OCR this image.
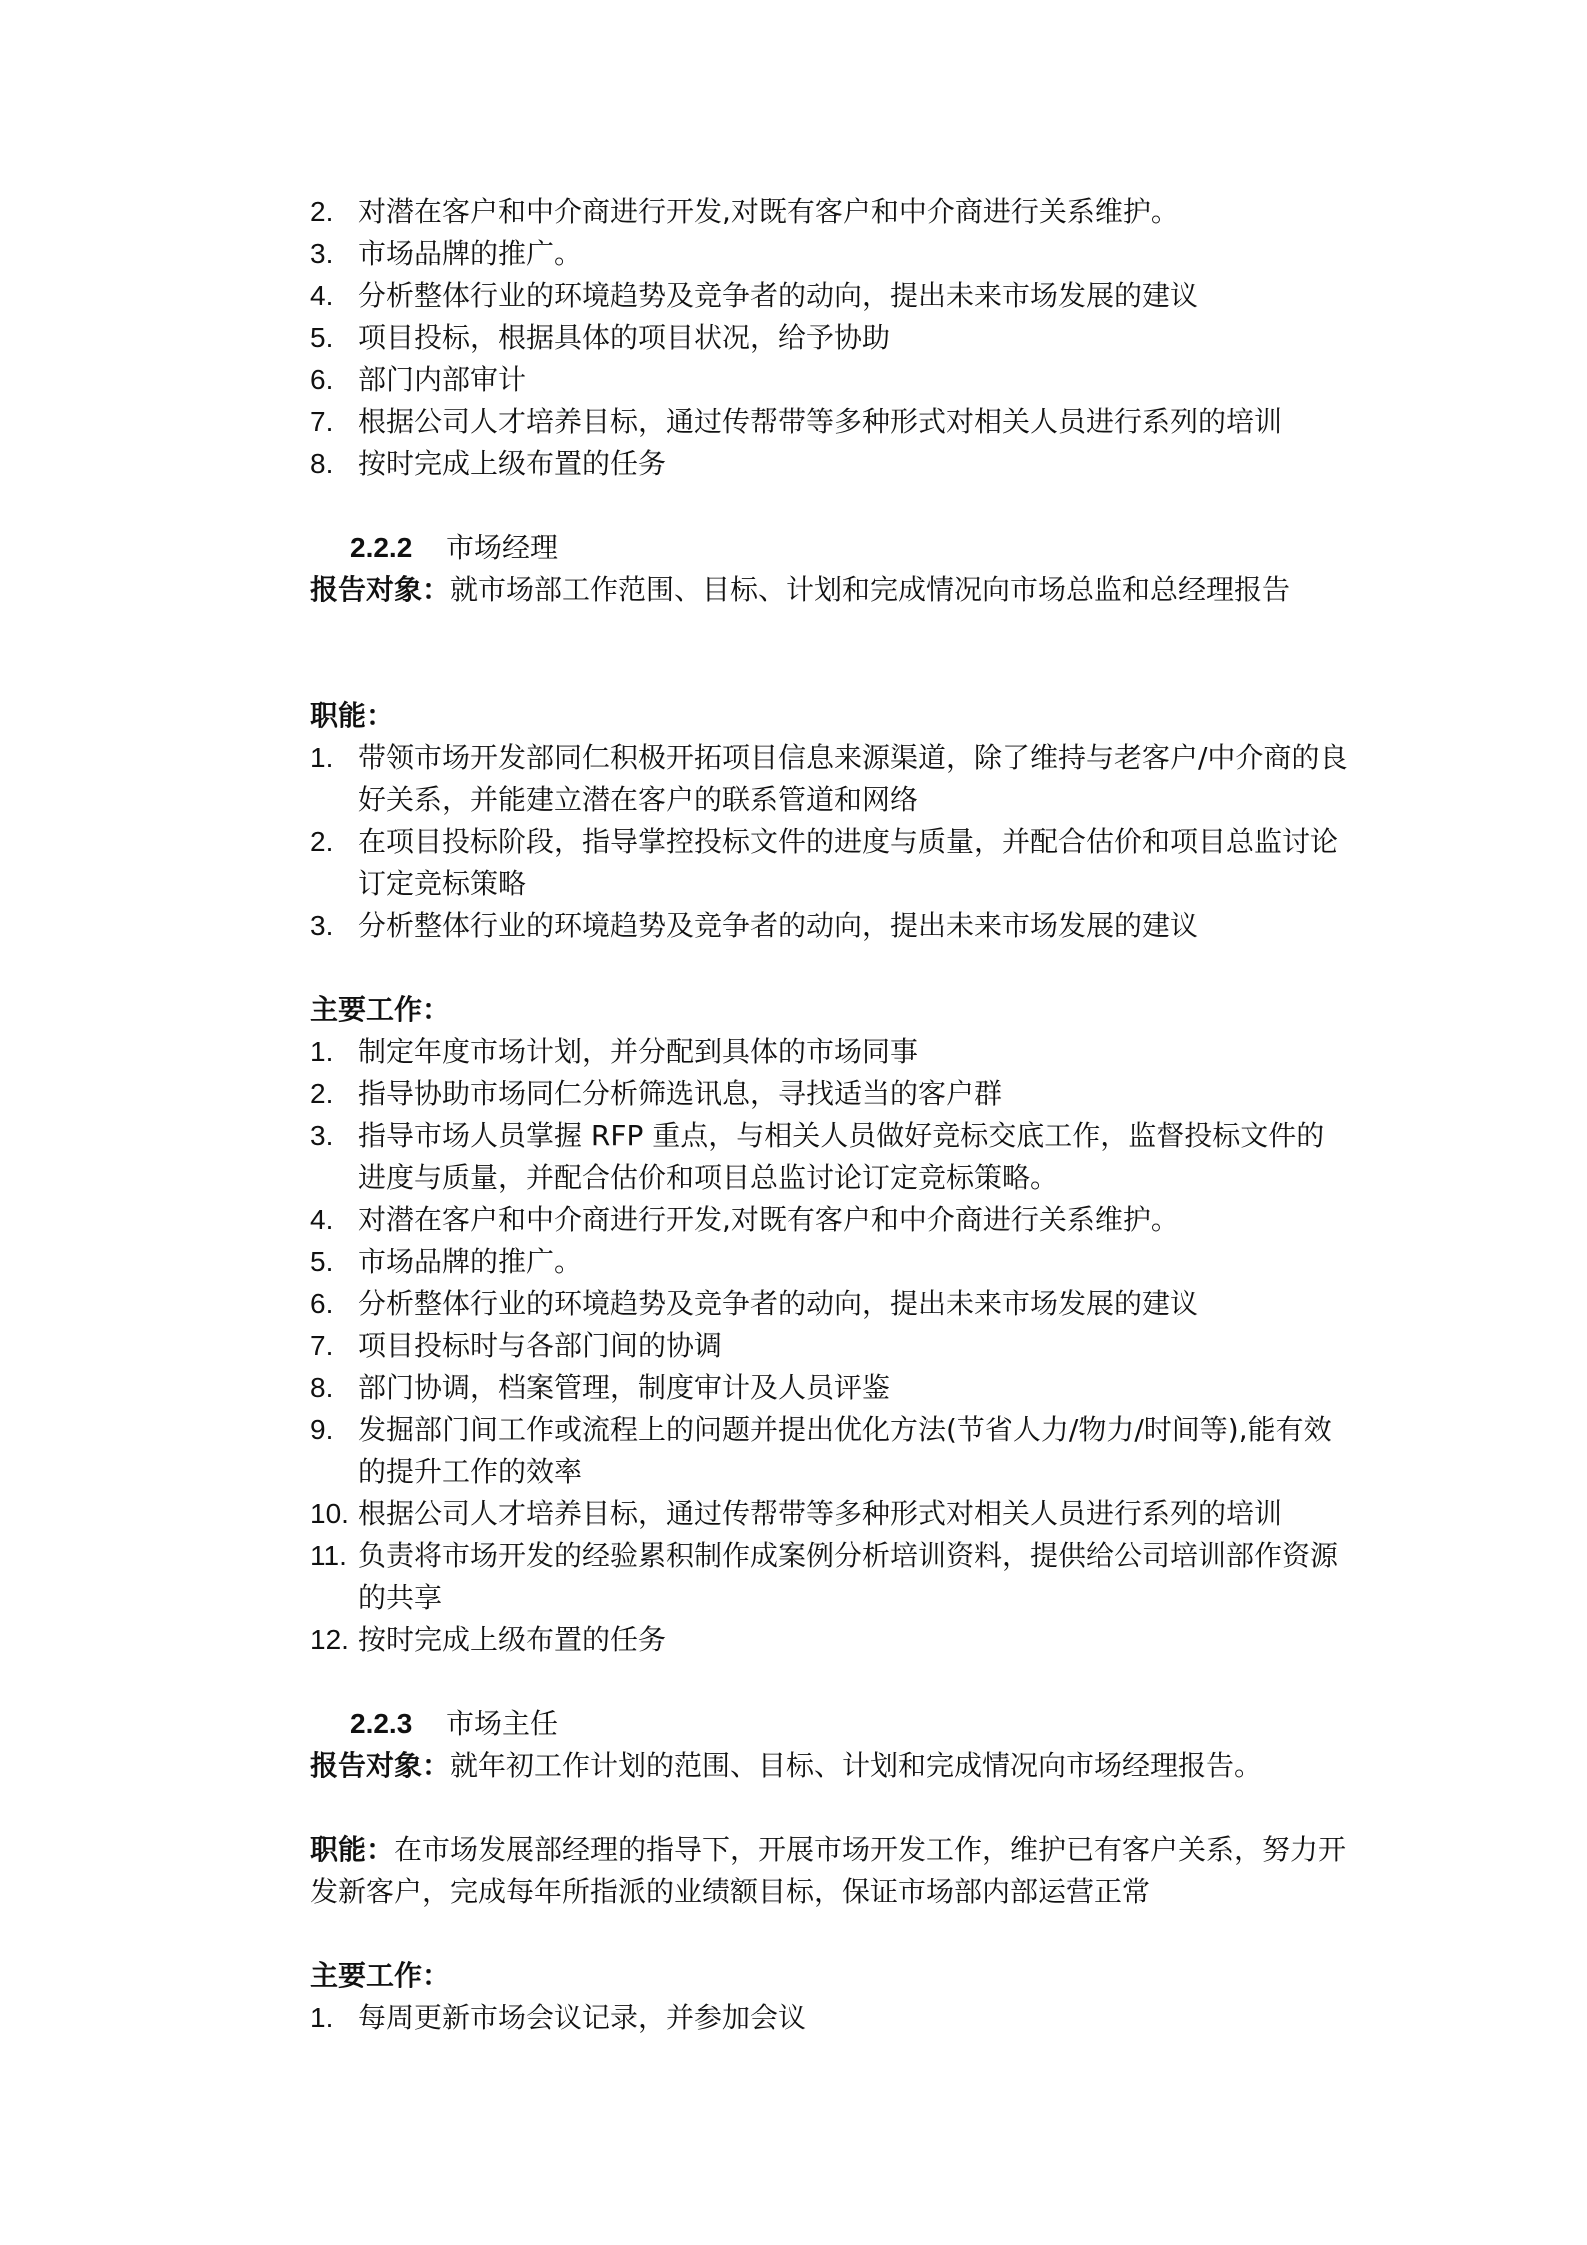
2. 对潜在客户和中介商进行开发,对既有客户和中介商进行关系维护。
3. 市场品牌的推广。
4. 分析整体行业的环境趋势及竞争者的动向，提出未来市场发展的建议
5. 项目投标，根据具体的项目状况，给予协助
6. 部门内部审计
7. 根据公司人才培养目标，通过传帮带等多种形式对相关人员进行系列的培训
8. 按时完成上级布置的任务
2.2.2 市场经理

报告对象：就市场部工作范围、目标、计划和完成情况向市场总监和总经理报告

职能：

1. 带领市场开发部同仁积极开拓项目信息来源渠道，除了维持与老客户/中介商的良好关系，并能建立潜在客户的联系管道和网络
2. 在项目投标阶段，指导掌控投标文件的进度与质量，并配合估价和项目总监讨论订定竞标策略
3. 分析整体行业的环境趋势及竞争者的动向，提出未来市场发展的建议

主要工作：

1. 制定年度市场计划，并分配到具体的市场同事
2. 指导协助市场同仁分析筛选讯息，寻找适当的客户群
3. 指导市场人员掌握 RFP 重点，与相关人员做好竞标交底工作，监督投标文件的进度与质量，并配合估价和项目总监讨论订定竞标策略。
4. 对潜在客户和中介商进行开发,对既有客户和中介商进行关系维护。
5. 市场品牌的推广。
6. 分析整体行业的环境趋势及竞争者的动向，提出未来市场发展的建议
7. 项目投标时与各部门间的协调
8. 部门协调，档案管理，制度审计及人员评鉴
9. 发掘部门间工作或流程上的问题并提出优化方法(节省人力/物力/时间等),能有效的提升工作的效率
10. 根据公司人才培养目标，通过传帮带等多种形式对相关人员进行系列的培训
11. 负责将市场开发的经验累积制作成案例分析培训资料，提供给公司培训部作资源的共享
12. 按时完成上级布置的任务
2.2.3 市场主任

报告对象：就年初工作计划的范围、目标、计划和完成情况向市场经理报告。

职能：在市场发展部经理的指导下，开展市场开发工作，维护已有客户关系，努力开发新客户，完成每年所指派的业绩额目标，保证市场部内部运营正常

主要工作：

1. 每周更新市场会议记录，并参加会议
